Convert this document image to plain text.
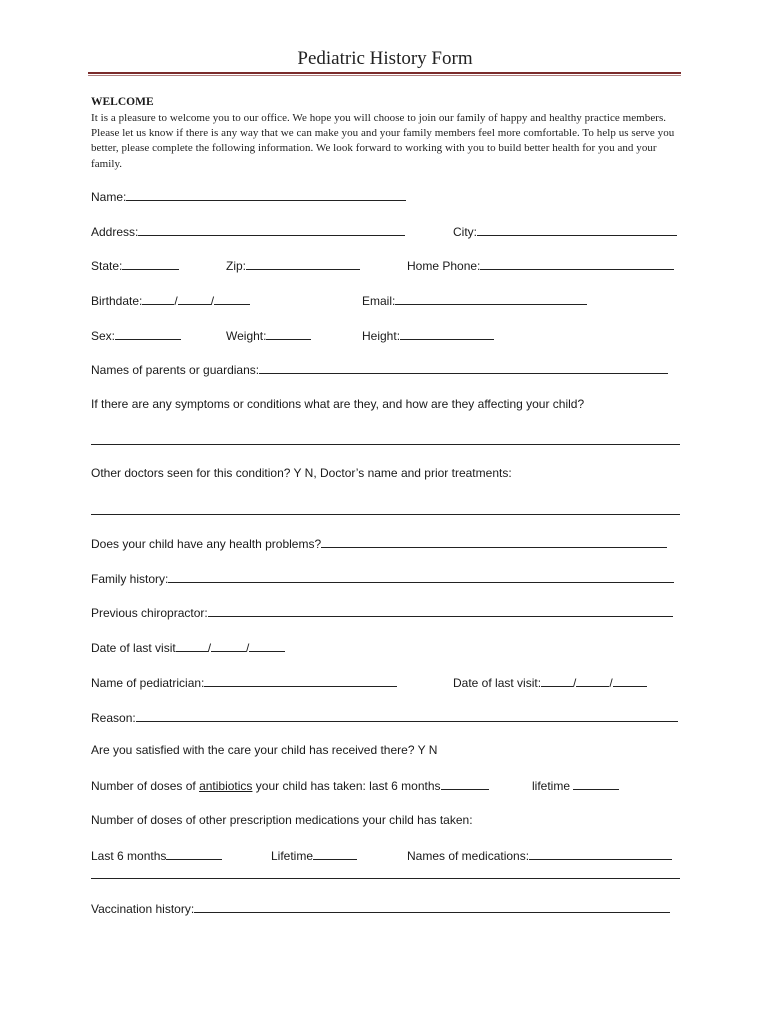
Pediatric History Form
WELCOME
It is a pleasure to welcome you to our office. We hope you will choose to join our family of happy and healthy practice members. Please let us know if there is any way that we can make you and your family members feel more comfortable. To help us serve you better, please complete the following information. We look forward to working with you to build better health for you and your family.
Name:
Address:	City:
State:	Zip:	Home Phone:
Birthdate:	/	/	Email:
Sex:	Weight:	Height:
Names of parents or guardians:
If there are any symptoms or conditions what are they, and how are they affecting your child?
Other doctors seen for this condition? Y N, Doctor’s name and prior treatments:
Does your child have any health problems?
Family history:
Previous chiropractor:
Date of last visit	/	/
Name of pediatrician:	Date of last visit:	/	/
Reason:
Are you satisfied with the care your child has received there? Y N
Number of doses of antibiotics your child has taken: last 6 months	lifetime
Number of doses of other prescription medications your child has taken:
Last 6 months	Lifetime	Names of medications:
Vaccination history:
